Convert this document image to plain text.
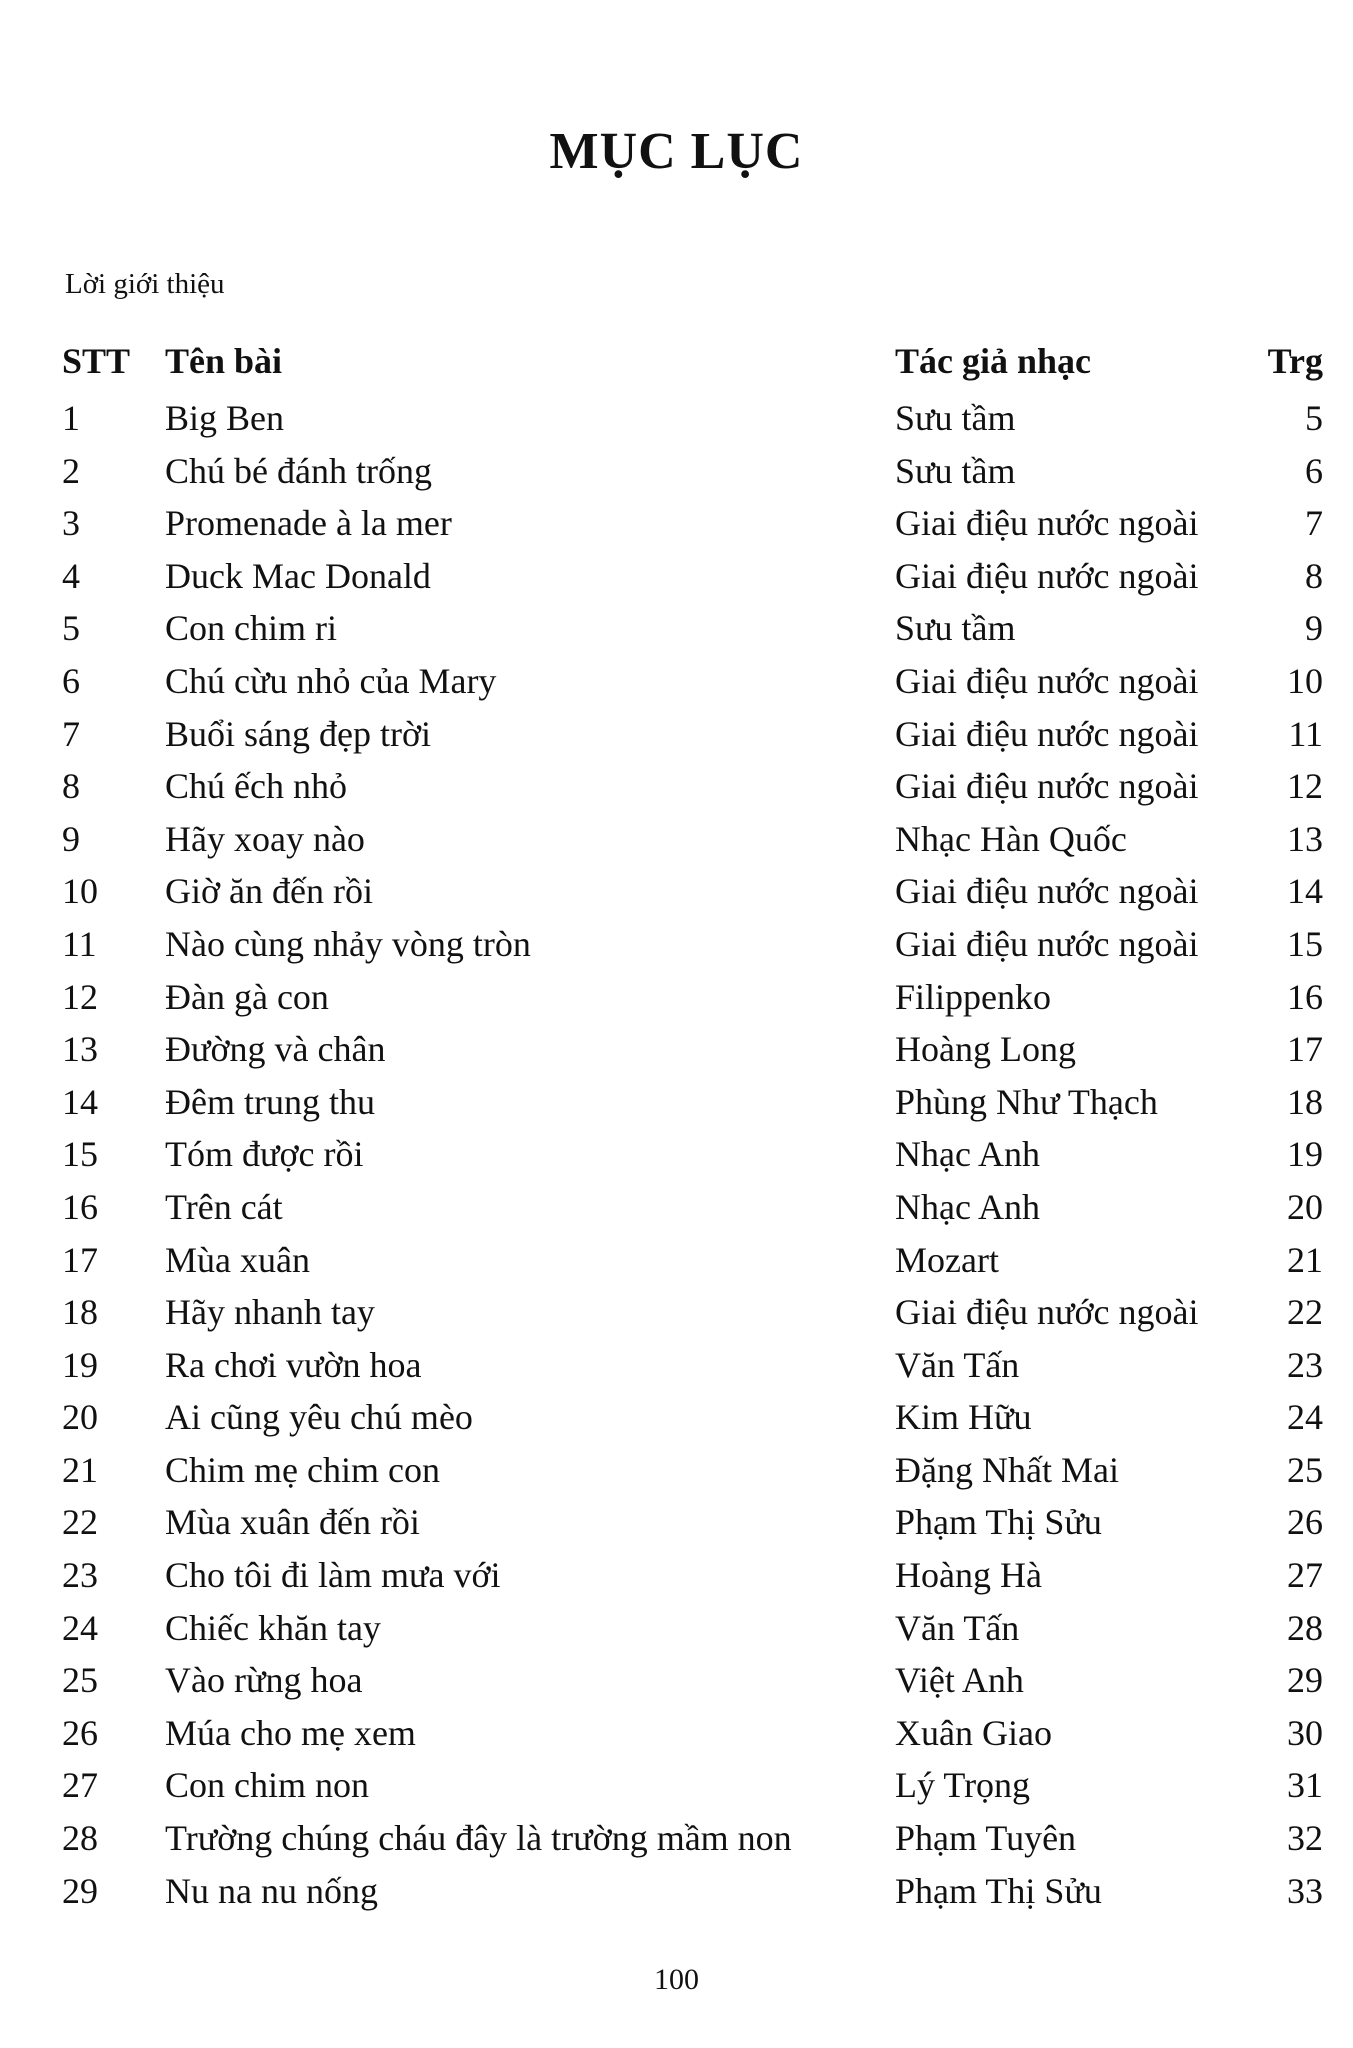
MỤC LỤC
Lời giới thiệu
STT Tên bài	Tác giả nhạc	Trg
1 Big Ben	Sưu tầm	5
2 Chú bé đánh trống	Sưu tầm	6
3 Promenade à la mer	Giai điệu nước ngoài	7
4 Duck Mac Donald	Giai điệu nước ngoài	8
5 Con chim ri	Sưu tầm	9
6 Chú cừu nhỏ của Mary	Giai điệu nước ngoài 10
7 Buổi sáng đẹp trời	Giai điệu nước ngoài 11
8 Chú ếch nhỏ	Giai điệu nước ngoài 12
9 Hãy xoay nào	Nhạc Hàn Quốc	13
10 Giờ ăn đến rồi	Giai điệu nước ngoài 14
11 Nào cùng nhảy vòng tròn	Giai điệu nước ngoài 15
12 Đàn gà con	Filippenko	16
13 Đường và chân	Hoàng Long	17
14 Đêm trung thu	Phùng Như Thạch	18
15 Tóm được rồi	Nhạc Anh	19
16 Trên cát	Nhạc Anh	20
17 Mùa xuân	Mozart	21
18 Hãy nhanh tay	Giai điệu nước ngoài 22
19 Ra chơi vườn hoa	Văn Tấn	23
20 Ai cũng yêu chú mèo	Kim Hữu	24
21 Chim mẹ chim con	Đặng Nhất Mai	25
22 Mùa xuân đến rồi	Phạm Thị Sửu	26
23 Cho tôi đi làm mưa với	Hoàng Hà	27
24 Chiếc khăn tay	Văn Tấn	28
25 Vào rừng hoa	Việt Anh	29
26 Múa cho mẹ xem	Xuân Giao	30
27 Con chim non	Lý Trọng	31
28 Trường chúng cháu đây là trường mầm non	Phạm Tuyên	32
29 Nu na nu nống	Phạm Thị Sửu	33
100
